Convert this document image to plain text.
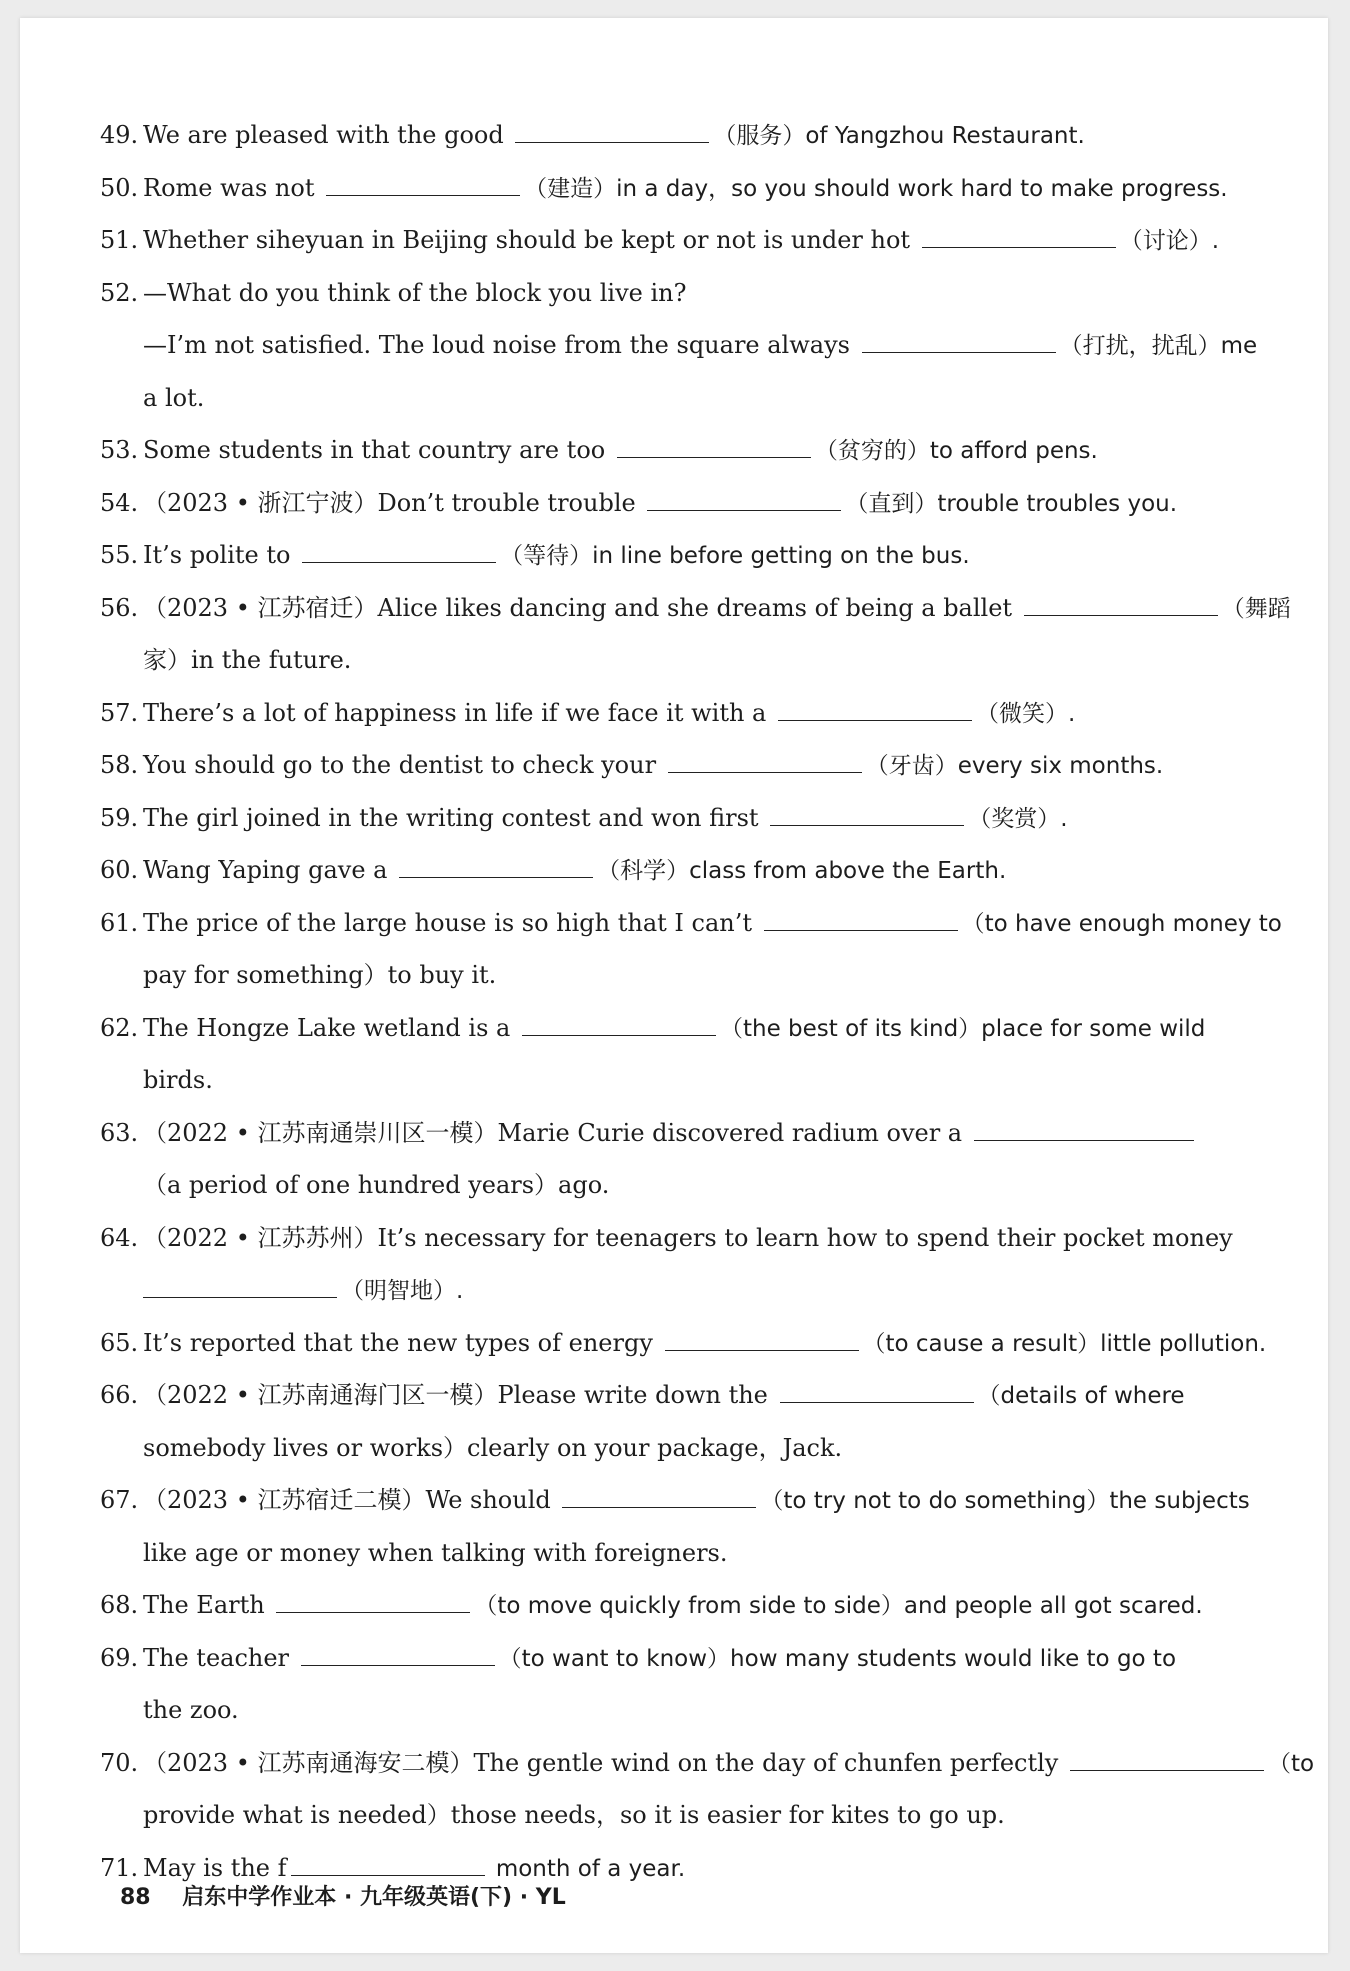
49. We are pleased with the good	（服务）of Yangzhou Restaurant.
50. Rome was not	（建造）in a day，so you should work hard to make progress.
51. Whether siheyuan in Beijing should be kept or not is under hot	（讨论）.
52. —What do you think of the block you live in?
—I’m not satisfied. The loud noise from the square always	（打扰，扰乱）me
a lot.
53. Some students in that country are too	（贫穷的）to afford pens.
54. （2023 • 浙江宁波）Don’t trouble trouble	（直到）trouble troubles you.
55. It’s polite to	（等待）in line before getting on the bus.
56. （2023 • 江苏宿迁）Alice likes dancing and she dreams of being a ballet	（舞蹈
家）in the future.
57. There’s a lot of happiness in life if we face it with a	（微笑）.
58. You should go to the dentist to check your	（牙齿）every six months.
59. The girl joined in the writing contest and won first	（奖赏）.
60. Wang Yaping gave a	（科学）class from above the Earth.
61. The price of the large house is so high that I can’t	（to have enough money to
pay for something）to buy it.
62. The Hongze Lake wetland is a	（the best of its kind）place for some wild
birds.
63. （2022 • 江苏南通崇川区一模）Marie Curie discovered radium over a
（a period of one hundred years）ago.
64. （2022 • 江苏苏州）It’s necessary for teenagers to learn how to spend their pocket money
（明智地）.
65. It’s reported that the new types of energy	（to cause a result）little pollution.
66. （2022 • 江苏南通海门区一模）Please write down the	（details of where
somebody lives or works）clearly on your package，Jack.
67. （2023 • 江苏宿迁二模）We should	（to try not to do something）the subjects
like age or money when talking with foreigners.
68. The Earth	（to move quickly from side to side）and people all got scared.
69. The teacher	（to want to know）how many students would like to go to
the zoo.
70. （2023 • 江苏南通海安二模）The gentle wind on the day of chunfen perfectly	（to
provide what is needed）those needs，so it is easier for kites to go up.
71. May is the f	month of a year.
88 启东中学作业本 · 九年级英语(下) · YL
